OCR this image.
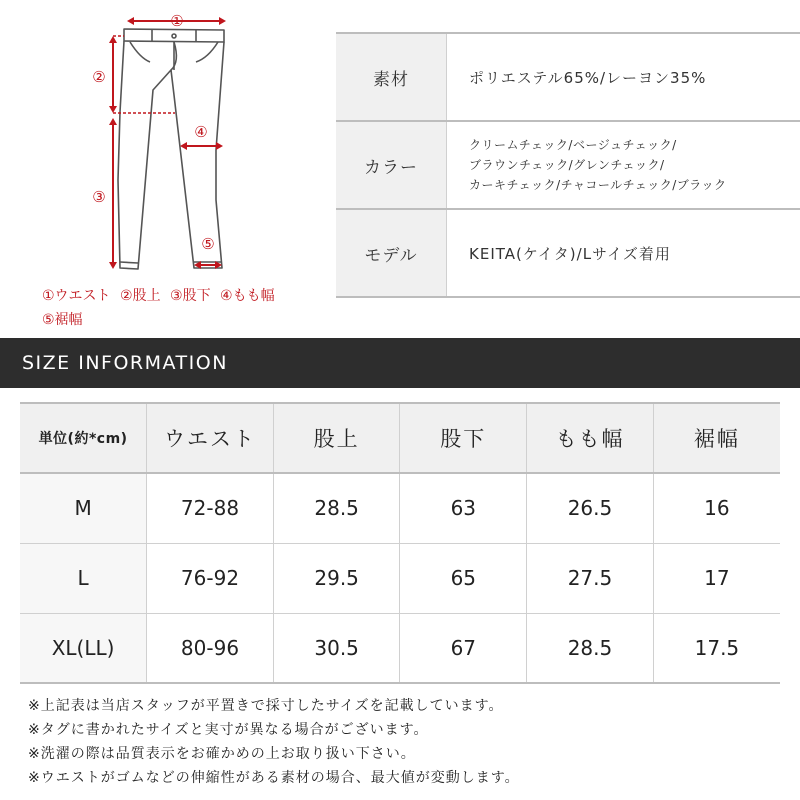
①
②
③
④
⑤
①ウエスト ②股上 ③股下 ④もも幅
⑤裾幅
素材	ポリエステル65%/レーヨン35%
カラー
クリームチェック/ベージュチェック/
ブラウンチェック/グレンチェック/
カーキチェック/チャコールチェック/ブラック
モデル	KEITA(ケイタ)/Lサイズ着用
SIZE INFORMATION
単位(約*cm)	ウエスト	股上	股下	もも幅	裾幅
M	72-88	28.5	63	26.5	16
L	76-92	29.5	65	27.5	17
XL(LL)	80-96	30.5	67	28.5	17.5
※上記表は当店スタッフが平置きで採寸したサイズを記載しています。
※タグに書かれたサイズと実寸が異なる場合がございます。
※洗濯の際は品質表示をお確かめの上お取り扱い下さい。
※ウエストがゴムなどの伸縮性がある素材の場合、最大値が変動します。
